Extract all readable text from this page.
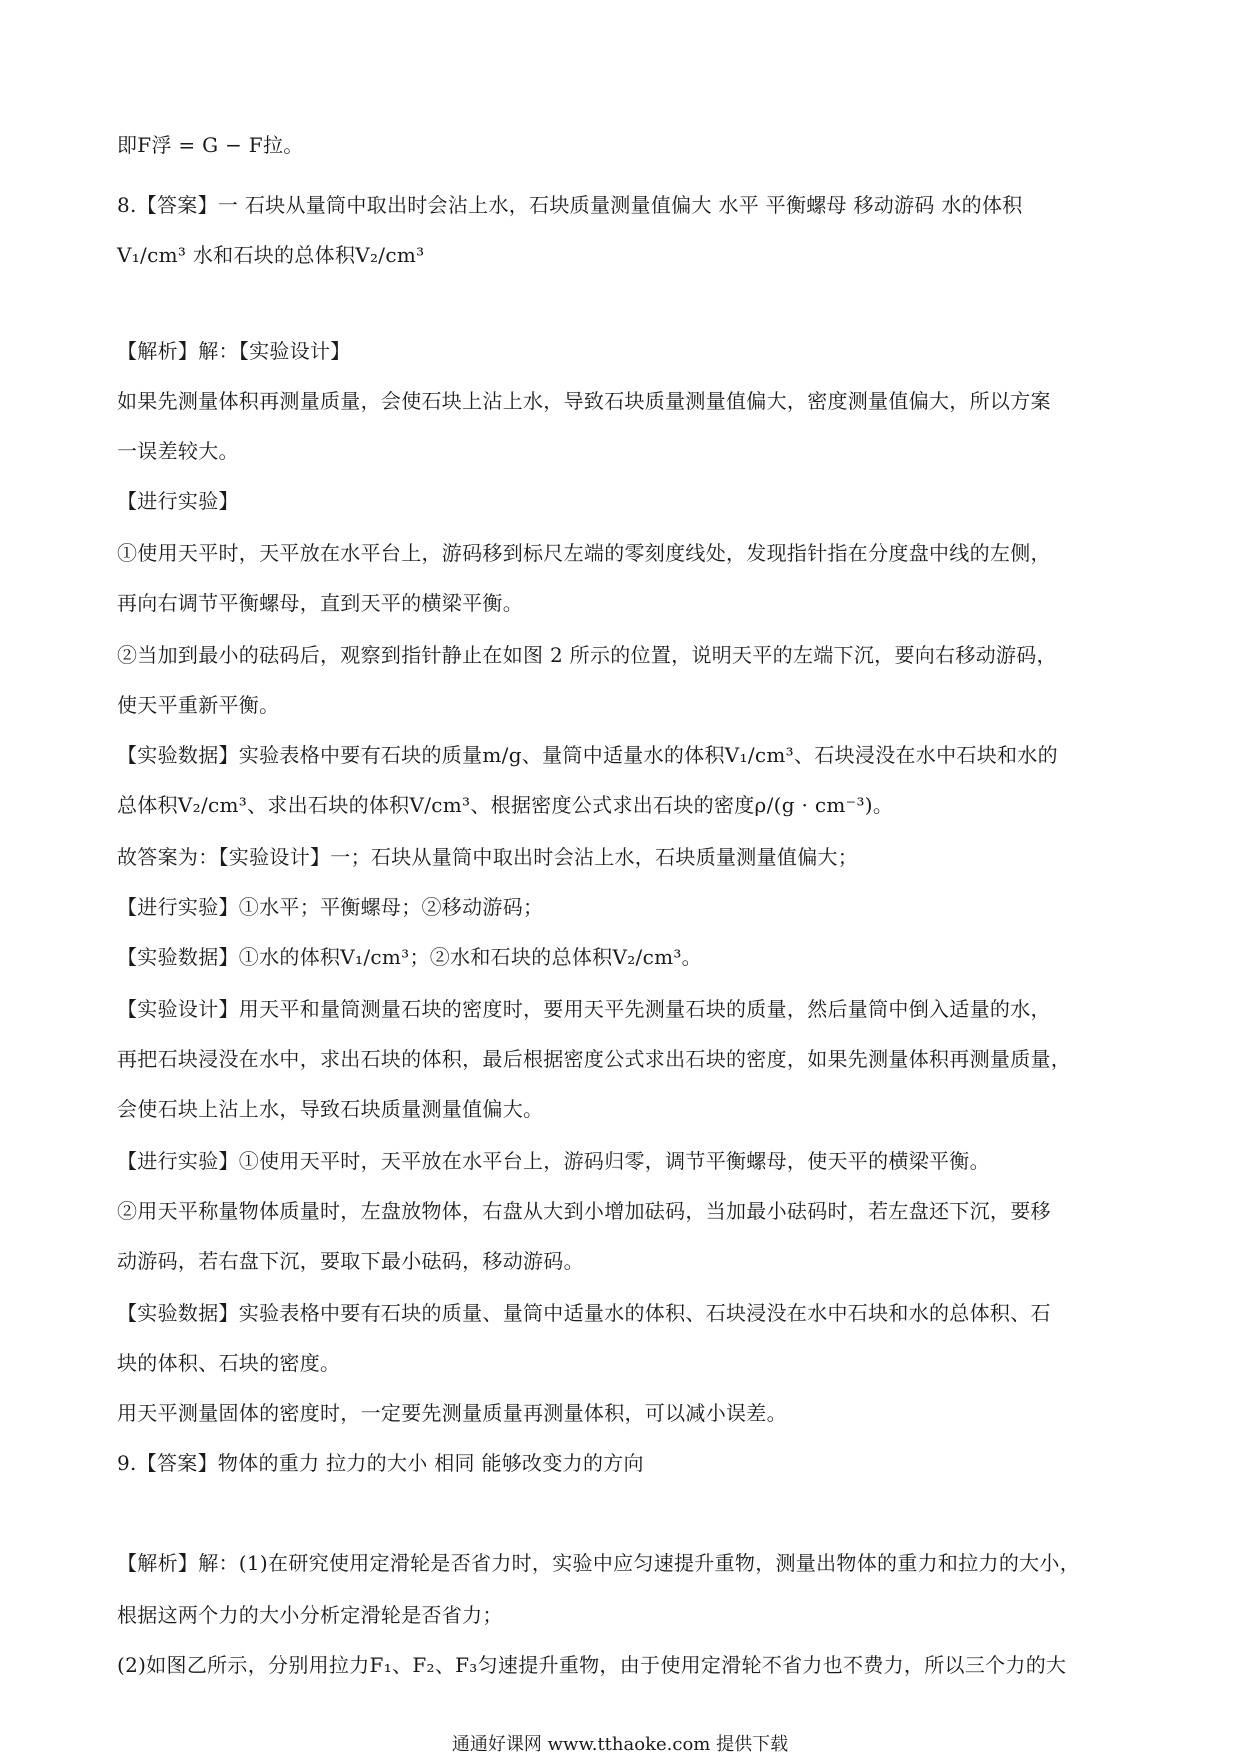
即F浮 = G − F拉。
8.【答案】一 石块从量筒中取出时会沾上水，石块质量测量值偏大 水平 平衡螺母 移动游码 水的体积
V₁/cm³ 水和石块的总体积V₂/cm³
【解析】解：【实验设计】
如果先测量体积再测量质量，会使石块上沾上水，导致石块质量测量值偏大，密度测量值偏大，所以方案
一误差较大。
【进行实验】
①使用天平时，天平放在水平台上，游码移到标尺左端的零刻度线处，发现指针指在分度盘中线的左侧，
再向右调节平衡螺母，直到天平的横梁平衡。
②当加到最小的砝码后，观察到指针静止在如图 2 所示的位置，说明天平的左端下沉，要向右移动游码，
使天平重新平衡。
【实验数据】实验表格中要有石块的质量m/g、量筒中适量水的体积V₁/cm³、石块浸没在水中石块和水的
总体积V₂/cm³、求出石块的体积V/cm³、根据密度公式求出石块的密度ρ/(g · cm⁻³)。
故答案为：【实验设计】一；石块从量筒中取出时会沾上水，石块质量测量值偏大；
【进行实验】①水平；平衡螺母；②移动游码；
【实验数据】①水的体积V₁/cm³；②水和石块的总体积V₂/cm³。
【实验设计】用天平和量筒测量石块的密度时，要用天平先测量石块的质量，然后量筒中倒入适量的水，
再把石块浸没在水中，求出石块的体积，最后根据密度公式求出石块的密度，如果先测量体积再测量质量，
会使石块上沾上水，导致石块质量测量值偏大。
【进行实验】①使用天平时，天平放在水平台上，游码归零，调节平衡螺母，使天平的横梁平衡。
②用天平称量物体质量时，左盘放物体，右盘从大到小增加砝码，当加最小砝码时，若左盘还下沉，要移
动游码，若右盘下沉，要取下最小砝码，移动游码。
【实验数据】实验表格中要有石块的质量、量筒中适量水的体积、石块浸没在水中石块和水的总体积、石
块的体积、石块的密度。
用天平测量固体的密度时，一定要先测量质量再测量体积，可以减小误差。
9.【答案】物体的重力 拉力的大小 相同 能够改变力的方向
【解析】解：(1)在研究使用定滑轮是否省力时，实验中应匀速提升重物，测量出物体的重力和拉力的大小，
根据这两个力的大小分析定滑轮是否省力；
(2)如图乙所示，分别用拉力F₁、F₂、F₃匀速提升重物，由于使用定滑轮不省力也不费力，所以三个力的大
通通好课网 www.tthaoke.com 提供下载
